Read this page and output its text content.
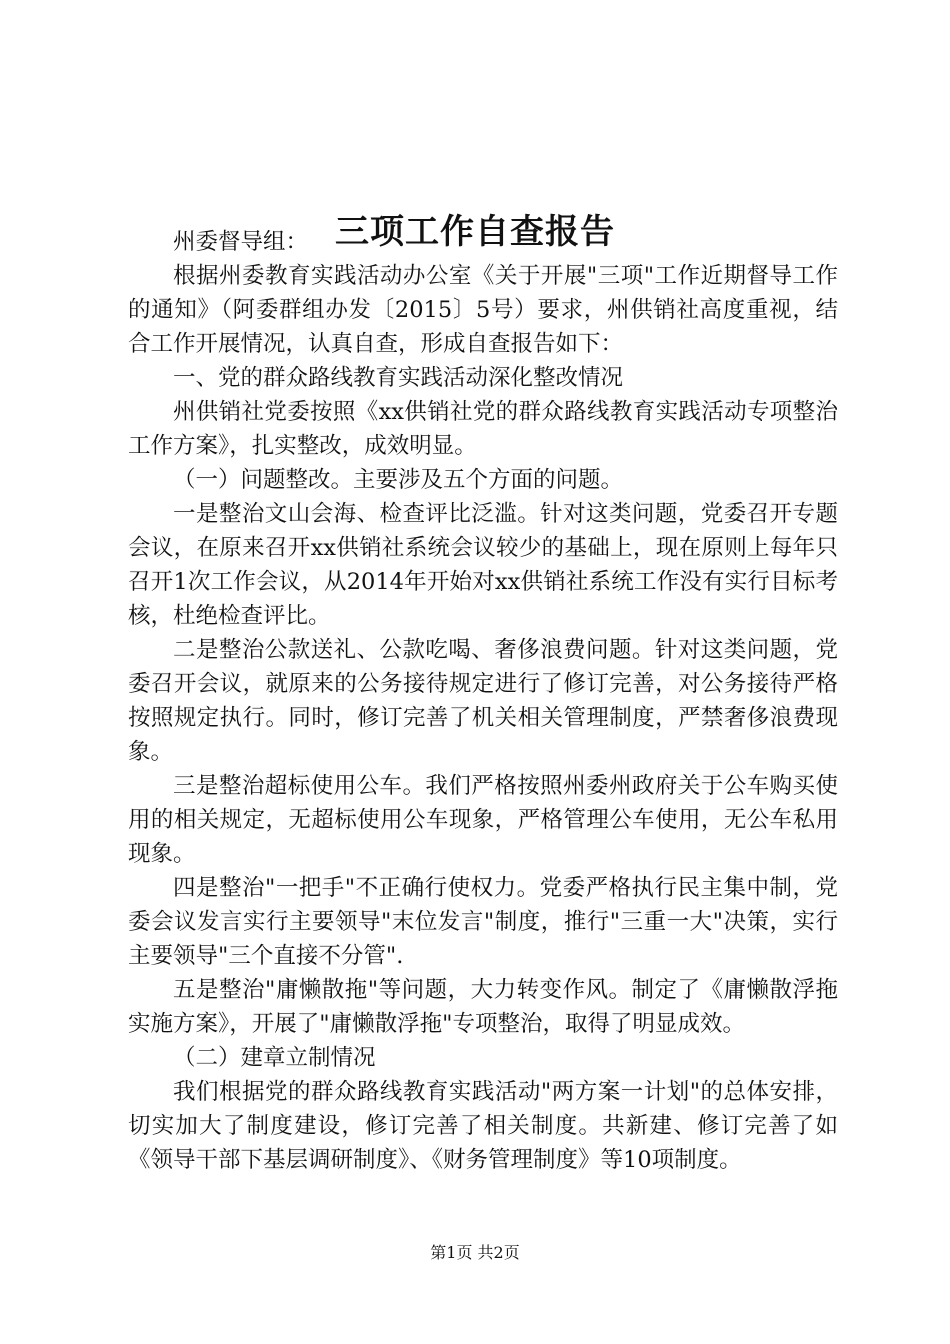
三项工作自查报告

州委督导组：

根据州委教育实践活动办公室《关于开展"三项"工作近期督导工作的通知》（阿委群组办发〔2015〕5号）要求，州供销社高度重视，结合工作开展情况，认真自查，形成自查报告如下：

一、党的群众路线教育实践活动深化整改情况

州供销社党委按照《xx供销社党的群众路线教育实践活动专项整治工作方案》，扎实整改，成效明显。

（一）问题整改。主要涉及五个方面的问题。

一是整治文山会海、检查评比泛滥。针对这类问题，党委召开专题会议，在原来召开xx供销社系统会议较少的基础上，现在原则上每年只召开1次工作会议，从2014年开始对xx供销社系统工作没有实行目标考核，杜绝检查评比。

二是整治公款送礼、公款吃喝、奢侈浪费问题。针对这类问题，党委召开会议，就原来的公务接待规定进行了修订完善，对公务接待严格按照规定执行。同时，修订完善了机关相关管理制度，严禁奢侈浪费现象。

三是整治超标使用公车。我们严格按照州委州政府关于公车购买使用的相关规定，无超标使用公车现象，严格管理公车使用，无公车私用现象。

四是整治"一把手"不正确行使权力。党委严格执行民主集中制，党委会议发言实行主要领导"末位发言"制度，推行"三重一大"决策，实行主要领导"三个直接不分管".

五是整治"庸懒散拖"等问题，大力转变作风。制定了《庸懒散浮拖实施方案》，开展了"庸懒散浮拖"专项整治，取得了明显成效。

（二）建章立制情况

我们根据党的群众路线教育实践活动"两方案一计划"的总体安排，切实加大了制度建设，修订完善了相关制度。共新建、修订完善了如《领导干部下基层调研制度》、《财务管理制度》等10项制度。

第1页 共2页
